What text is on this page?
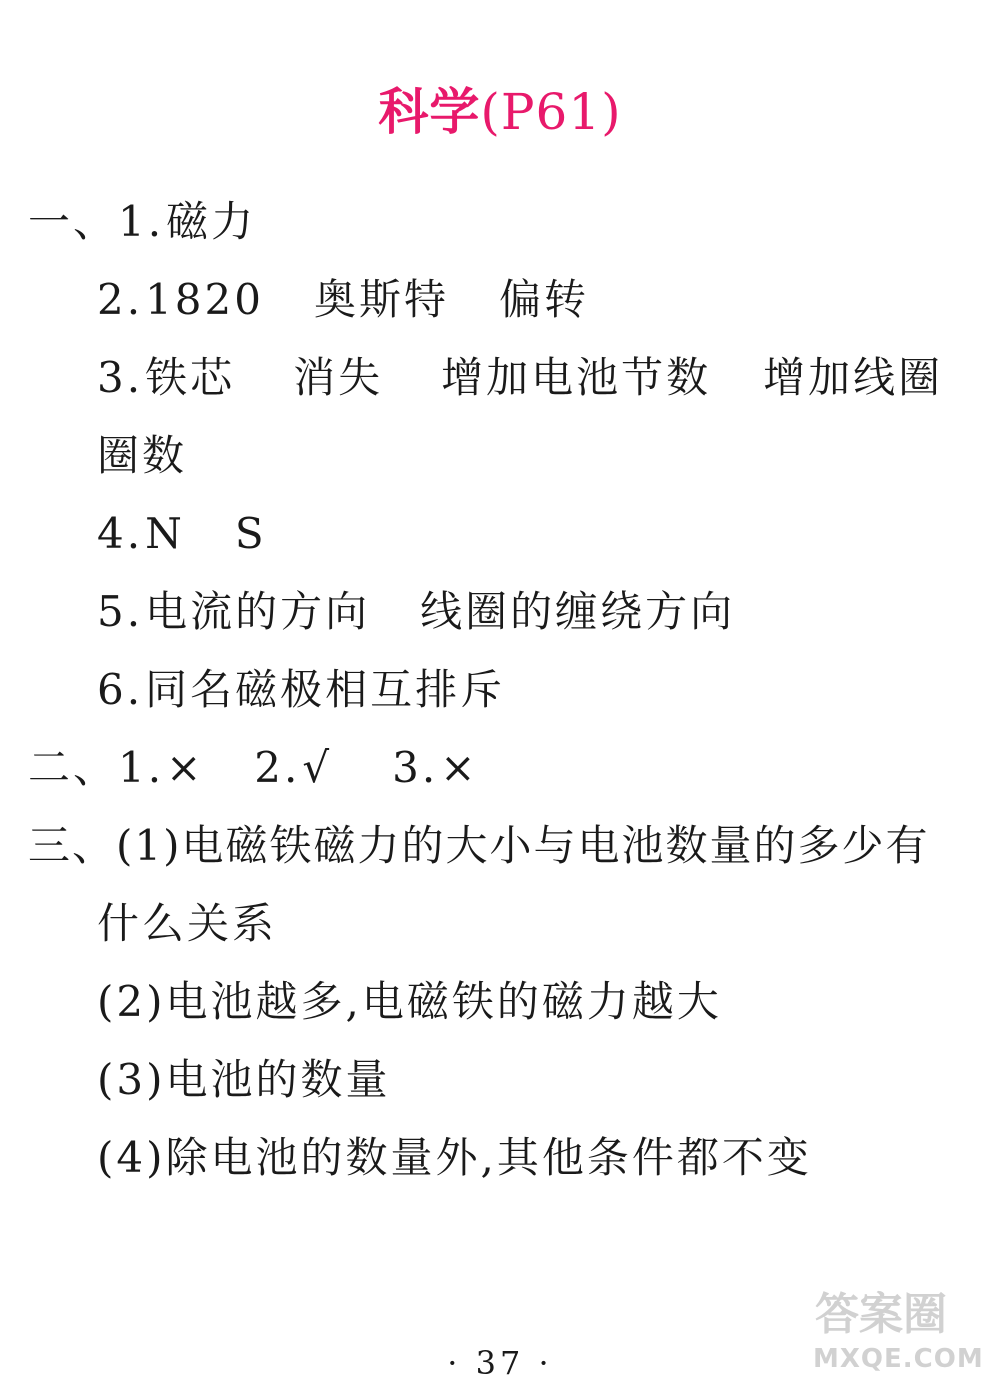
科学(P61)
一、1.磁力
2.1820 奥斯特 偏转
3.铁芯 消失 增加电池节数 增加线圈
圈数
4.N S
5.电流的方向 线圈的缠绕方向
6.同名磁极相互排斥
二、1.× 2.√ 3.×
三、(1)电磁铁磁力的大小与电池数量的多少有
什么关系
(2)电池越多,电磁铁的磁力越大
(3)电池的数量
(4)除电池的数量外,其他条件都不变
· 37 ·
答案圈
MXQE.COM
